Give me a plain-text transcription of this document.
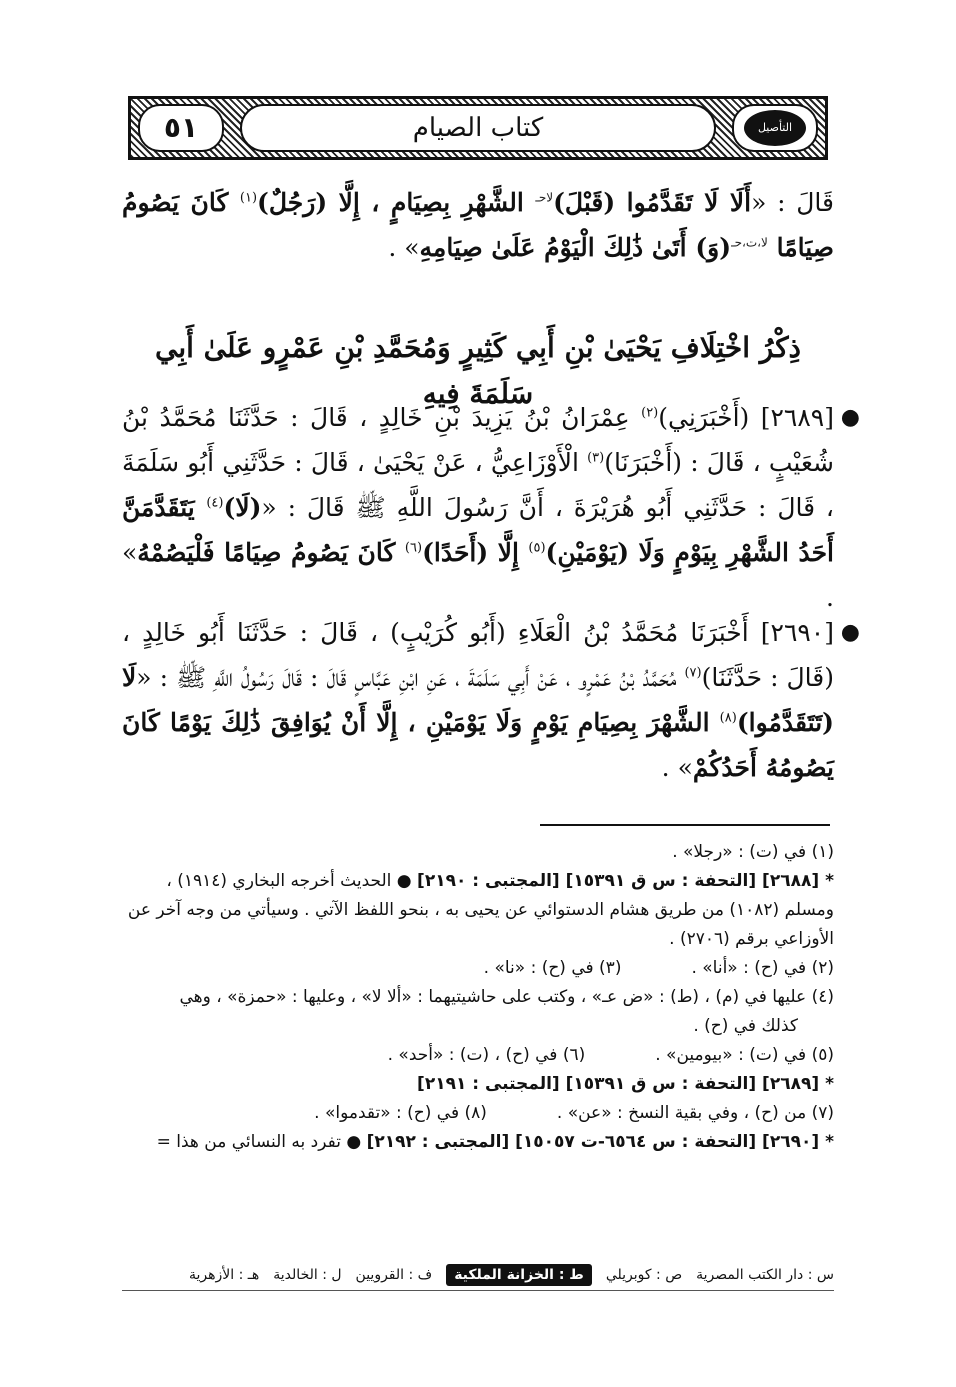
كتاب الصيام
٥١	التأصيل
قَالَ : «أَلَا لَا تَقَدَّمُوا (قَبْلَ)$^{لاحـ}$ الشَّهْرِ بِصِيَامٍ ، إِلَّا (رَجُلٌ)$^{(١)}$ كَانَ يَصُومُ صِيَامًا $^{لا،ت،حـ}$(وَ) أَتَىٰ ذَٰلِكَ الْيَوْمُ عَلَىٰ صِيَامِهِ» .
ذِكْرُ اخْتِلَافِ يَحْيَىٰ بْنِ أَبِي كَثِيرٍ وَمُحَمَّدِ بْنِ عَمْرٍو عَلَىٰ أَبِي سَلَمَةَ فِيهِ
●
[٢٦٨٩] (أَخْبَرَنِي)$^{(٢)}$ عِمْرَانُ بْنُ يَزِيدَ بْنِ خَالِدٍ ، قَالَ : حَدَّثَنَا مُحَمَّدُ بْنُ شُعَيْبٍ ، قَالَ : (أَخْبَرَنَا)$^{(٣)}$ الْأَوْزَاعِيُّ ، عَنْ يَحْيَىٰ ، قَالَ : حَدَّثَنِي أَبُو سَلَمَةَ ، قَالَ : حَدَّثَنِي أَبُو هُرَيْرَةَ ، أَنَّ رَسُولَ اللَّهِ ﷺ قَالَ : «(لَا)$^{(٤)}$ يَتَقَدَّمَنَّ أَحَدُ الشَّهْرِ بِيَوْمٍ وَلَا (يَوْمَيْنِ)$^{(٥)}$ إِلَّا (أَحَدًا)$^{(٦)}$ كَانَ يَصُومُ صِيَامًا فَلْيَصُمْهُ» .
●
[٢٦٩٠] أَخْبَرَنَا مُحَمَّدُ بْنُ الْعَلَاءِ (أَبُو كُرَيْبٍ) ، قَالَ : حَدَّثَنَا أَبُو خَالِدٍ ، (قَالَ : حَدَّثَنَا)$^{(٧)}$ مُحَمَّدُ بْنُ عَمْرٍو ، عَنْ أَبِي سَلَمَةَ ، عَنِ ابْنِ عَبَّاسٍ قَالَ : قَالَ رَسُولُ اللَّهِ ﷺ : «لَا (تَتَقَدَّمُوا)$^{(٨)}$ الشَّهْرَ بِصِيَامِ يَوْمٍ وَلَا يَوْمَيْنِ ، إِلَّا أَنْ يُوَافِقَ ذَٰلِكَ يَوْمًا كَانَ يَصُومُهُ أَحَدُكُمْ» .
(١) في (ت) : «رجلا» .
*[٢٦٨٨] [التحفة : س ق ١٥٣٩١] [المجتبى : ٢١٩٠] ● الحديث أخرجه البخاري (١٩١٤) ، ومسلم (١٠٨٢) من طريق هشام الدستوائي عن يحيى به ، بنحو اللفظ الآتي . وسيأتي من وجه آخر عن الأوزاعي برقم (٢٧٠٦) .
(٢) في (ح) : «أنا» .
(٣) في (ح) : «نا» .
(٤) عليها في (م) ، (ط) : «ض عـ» ، وكتب على حاشيتيهما : «ألا لا» ، وعليها : «حمزة» ، وهي
كذلك في (ح) .
(٥) في (ت) : «بيومين» .
(٦) في (ح) ، (ت) : «أحد» .
*[٢٦٨٩] [التحفة : س ق ١٥٣٩١] [المجتبى : ٢١٩١]
(٧) من (ح) ، وفي بقية النسخ : «عن» .
(٨) في (ح) : «تقدموا» .
*[٢٦٩٠] [التحفة : س ٦٥٦٤-ت ١٥٠٥٧] [المجتبى : ٢١٩٢] ● تفرد به النسائي من هذا =
س : دار الكتب المصرية
ص : كوبريلي
ط : الخزانة الملكية
ف : القرويين
ل : الخالدية
هـ : الأزهرية
